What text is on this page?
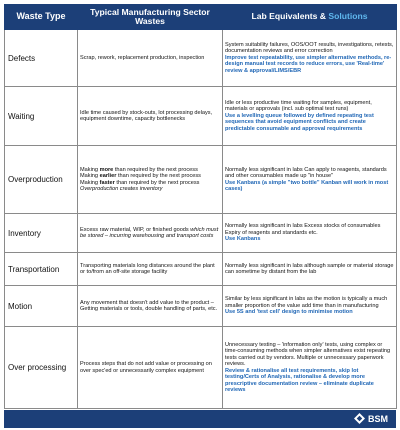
Waste Type	Typical Manufacturing Sector Wastes	Lab Equivalents & Solutions
Defects	Scrap, rework, replacement production, inspection	System suitability failures, OOS/OOT results, investigations, retests, documentation reviews and error correction
Improve test repeatability, use simpler alternative methods, re-design manual test records to reduce errors, use 'Real-time' review & approval/LIMS/EBR

Waiting	Idle time caused by stock-outs, lot processing delays, equipment downtime, capacity bottlenecks	Idle or less productive time waiting for samples, equipment, materials or approvals (incl. sub optimal test runs)
Use a levelling queue followed by defined repeating test sequences that avoid equipment conflicts and create predictable consumable and approval requirements

Overproduction	Making more than required by the next process
Making earlier than required by the next process
Making faster than required by the next process
Overproduction creates inventory	Normally less significant in labs Can apply to reagents, standards and other consumables made up "in house"
Use Kanbans (a simple "two bottle" Kanban will work in most cases)

Inventory	Excess raw material, WIP, or finished goods which must be stored – incurring warehousing and transport costs	Normally less significant in labs Excess stocks of consumables Expiry of reagents and standards etc.
Use Kanbans

Transportation	Transporting materials long distances around the plant or to/from an off-site storage facility	Normally less significant in labs although sample or material storage can sometime by distant from the lab

Motion	Any movement that doesn't add value to the product – Getting materials or tools, double handling of parts, etc.	Similar by less significant in labs as the motion is typically a much smaller proportion of the value add time than in manufacturing
Use 5S and 'test cell' design to minimise motion

Over processing	Process steps that do not add value or processing on over spec'ed or unnecessarily complex equipment	Unnecessary testing – 'information only' tests, using complex or time-consuming methods when simpler alternatives exist repeating tests carried out by vendors. Multiple or unnecessary paperwork reviews.
Review & rationalise all test requirements, skip lot testing/Certs of Analysis, rationalise & develop more prescriptive documentation review – eliminate duplicate reviews
BSM
